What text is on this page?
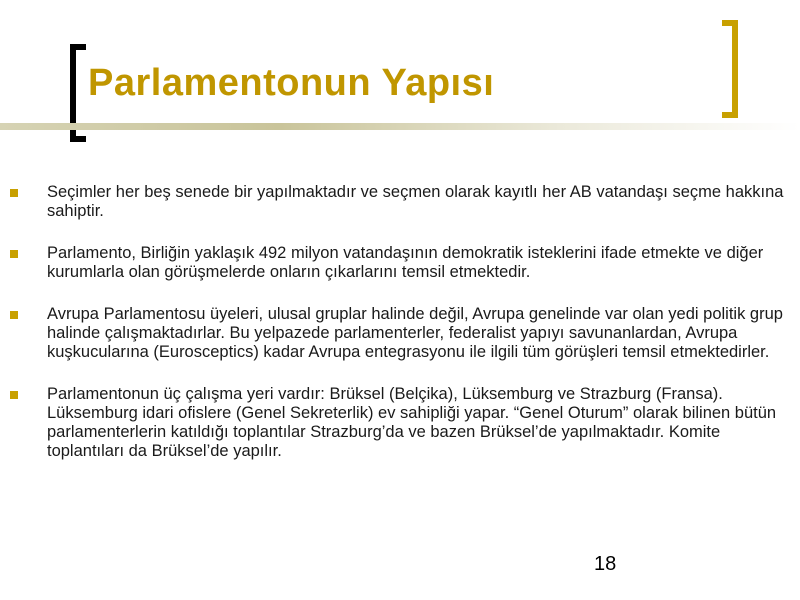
Parlamentonun Yapısı
Seçimler her beş senede bir yapılmaktadır ve seçmen olarak kayıtlı her AB vatandaşı seçme hakkına sahiptir.
Parlamento, Birliğin yaklaşık 492 milyon vatandaşının demokratik isteklerini ifade etmekte ve diğer kurumlarla olan görüşmelerde onların çıkarlarını temsil etmektedir.
Avrupa Parlamentosu üyeleri, ulusal gruplar halinde değil, Avrupa genelinde var olan yedi politik grup halinde çalışmaktadırlar. Bu yelpazede parlamenterler, federalist yapıyı savunanlardan, Avrupa kuşkucularına (Eurosceptics) kadar Avrupa entegrasyonu ile ilgili tüm görüşleri temsil etmektedirler.
Parlamentonun üç çalışma yeri vardır: Brüksel (Belçika), Lüksemburg ve Strazburg (Fransa). Lüksemburg idari ofislere (Genel Sekreterlik) ev sahipliği yapar. “Genel Oturum” olarak bilinen bütün parlamenterlerin katıldığı toplantılar Strazburg’da ve bazen Brüksel’de yapılmaktadır. Komite toplantıları da Brüksel’de yapılır.
18
